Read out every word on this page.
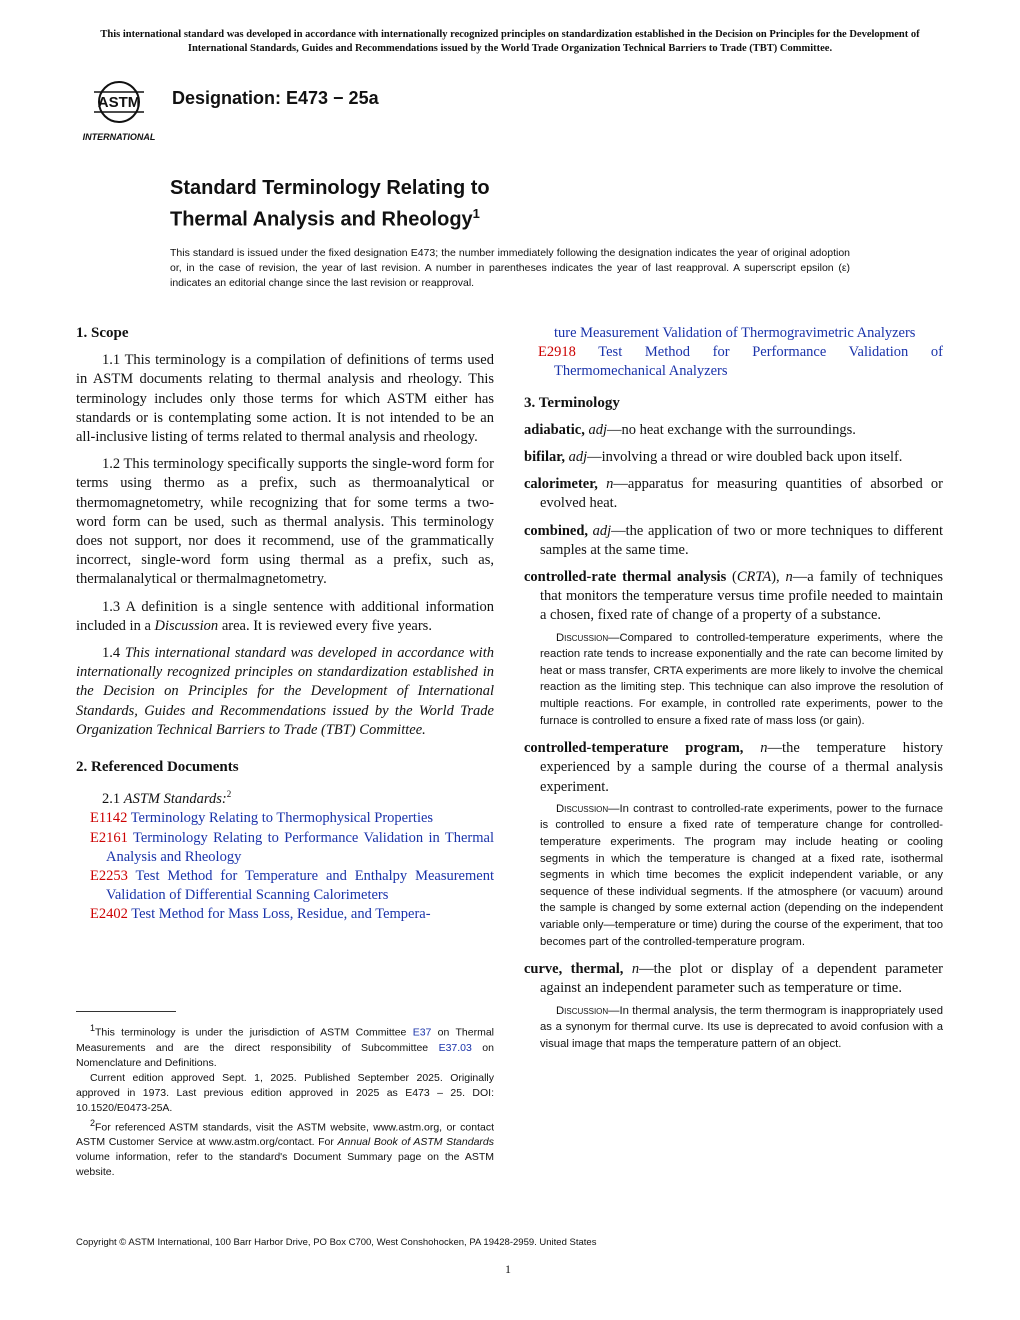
This international standard was developed in accordance with internationally recognized principles on standardization established in the Decision on Principles for the Development of International Standards, Guides and Recommendations issued by the World Trade Organization Technical Barriers to Trade (TBT) Committee.
ASTM
INTERNATIONAL
Designation: E473 − 25a
Standard Terminology Relating to
Thermal Analysis and Rheology$^1$
This standard is issued under the fixed designation E473; the number immediately following the designation indicates the year of original adoption or, in the case of revision, the year of last revision. A number in parentheses indicates the year of last reapproval. A superscript epsilon (ε) indicates an editorial change since the last revision or reapproval.
1. Scope

1.1 This terminology is a compilation of definitions of terms used in ASTM documents relating to thermal analysis and rheology. This terminology includes only those terms for which ASTM either has standards or is contemplating some action. It is not intended to be an all-inclusive listing of terms related to thermal analysis and rheology.

1.2 This terminology specifically supports the single-word form for terms using thermo as a prefix, such as thermoanalytical or thermomagnetometry, while recognizing that for some terms a two-word form can be used, such as thermal analysis. This terminology does not support, nor does it recommend, use of the grammatically incorrect, single-word form using thermal as a prefix, such as, thermalanalytical or thermalmagnetometry.

1.3 A definition is a single sentence with additional information included in a Discussion area. It is reviewed every five years.

1.4 This international standard was developed in accordance with internationally recognized principles on standardization established in the Decision on Principles for the Development of International Standards, Guides and Recommendations issued by the World Trade Organization Technical Barriers to Trade (TBT) Committee.

2. Referenced Documents

2.1 ASTM Standards:$^2$

E1142 Terminology Relating to Thermophysical Properties

E2161 Terminology Relating to Performance Validation in Thermal Analysis and Rheology

E2253 Test Method for Temperature and Enthalpy Measurement Validation of Differential Scanning Calorimeters

E2402 Test Method for Mass Loss, Residue, and Tempera-

$^1$This terminology is under the jurisdiction of ASTM Committee E37 on Thermal Measurements and are the direct responsibility of Subcommittee E37.03 on Nomenclature and Definitions.

Current edition approved Sept. 1, 2025. Published September 2025. Originally approved in 1973. Last previous edition approved in 2025 as E473 – 25. DOI: 10.1520/E0473-25A.

$^2$For referenced ASTM standards, visit the ASTM website, www.astm.org, or contact ASTM Customer Service at www.astm.org/contact. For Annual Book of ASTM Standards volume information, refer to the standard's Document Summary page on the ASTM website.

ture Measurement Validation of Thermogravimetric Analyzers

E2918 Test Method for Performance Validation of Thermomechanical Analyzers

3. Terminology

adiabatic, adj—no heat exchange with the surroundings.

bifilar, adj—involving a thread or wire doubled back upon itself.

calorimeter, n—apparatus for measuring quantities of absorbed or evolved heat.

combined, adj—the application of two or more techniques to different samples at the same time.

controlled-rate thermal analysis (CRTA), n—a family of techniques that monitors the temperature versus time profile needed to maintain a chosen, fixed rate of change of a property of a substance.

Discussion—Compared to controlled-temperature experiments, where the reaction rate tends to increase exponentially and the rate can become limited by heat or mass transfer, CRTA experiments are more likely to involve the chemical reaction as the limiting step. This technique can also improve the resolution of multiple reactions. For example, in controlled rate experiments, power to the furnace is controlled to ensure a fixed rate of mass loss (or gain).

controlled-temperature program, n—the temperature history experienced by a sample during the course of a thermal analysis experiment.

Discussion—In contrast to controlled-rate experiments, power to the furnace is controlled to ensure a fixed rate of temperature change for controlled-temperature experiments. The program may include heating or cooling segments in which the temperature is changed at a fixed rate, isothermal segments in which time becomes the explicit independent variable, or any sequence of these individual segments. If the atmosphere (or vacuum) around the sample is changed by some external action (depending on the independent variable only—temperature or time) during the course of the experiment, that too becomes part of the controlled-temperature program.

curve, thermal, n—the plot or display of a dependent parameter against an independent parameter such as temperature or time.

Discussion—In thermal analysis, the term thermogram is inappropriately used as a synonym for thermal curve. Its use is deprecated to avoid confusion with a visual image that maps the temperature pattern of an object.

Copyright © ASTM International, 100 Barr Harbor Drive, PO Box C700, West Conshohocken, PA 19428-2959. United States
1
